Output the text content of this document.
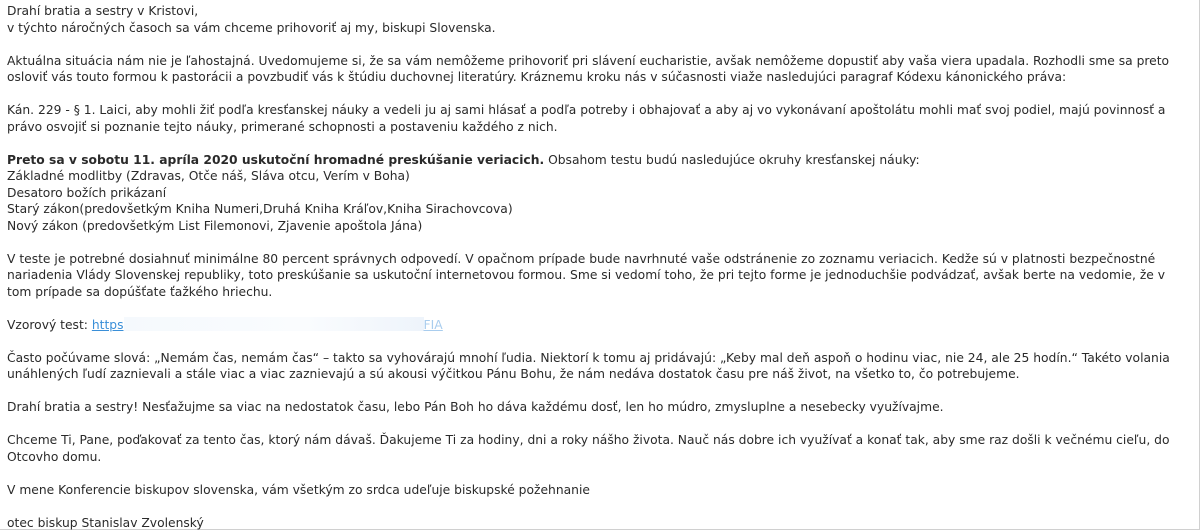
Drahí bratia a sestry v Kristovi,
v týchto náročných časoch sa vám chceme prihovoriť aj my, biskupi Slovenska.

Aktuálna situácia nám nie je ľahostajná. Uvedomujeme si, že sa vám nemôžeme prihovoriť pri slávení eucharistie, avšak nemôžeme dopustiť aby vaša viera upadala. Rozhodli sme sa preto osloviť vás touto formou k pastorácii a povzbudiť vás k štúdiu duchovnej literatúry. Kráznemu kroku nás v súčasnosti viaže nasledujúci paragraf Kódexu kánonického práva:

Kán. 229 - § 1. Laici, aby mohli žiť podľa kresťanskej náuky a vedeli ju aj sami hlásať a podľa potreby i obhajovať a aby aj vo vykonávaní apoštolátu mohli mať svoj podiel, majú povinnosť a právo osvojiť si poznanie tejto náuky, primerané schopnosti a postaveniu každého z nich.

Preto sa v sobotu 11. apríla 2020 uskutoční hromadné preskúšanie veriacich. Obsahom testu budú nasledujúce okruhy kresťanskej náuky:
Základné modlitby (Zdravas, Otče náš, Sláva otcu, Verím v Boha)
Desatoro božích prikázaní
Starý zákon(predovšetkým Kniha Numeri,Druhá Kniha Kráľov,Kniha Sirachovcova)
Nový zákon (predovšetkým List Filemonovi, Zjavenie apoštola Jána)

V teste je potrebné dosiahnuť minimálne 80 percent správnych odpovedí. V opačnom prípade bude navrhnuté vaše odstránenie zo zoznamu veriacich. Kedže sú v platnosti bezpečnostné nariadenia Vlády Slovenskej republiky, toto preskúšanie sa uskutoční internetovou formou. Sme si vedomí toho, že pri tejto forme je jednoduchšie podvádzať, avšak berte na vedomie, že v tom prípade sa dopúšťate ťažkého hriechu.

Vzorový test: https	FIA

Často počúvame slová: „Nemám čas, nemám čas“ – takto sa vyhovárajú mnohí ľudia. Niektorí k tomu aj pridávajú: „Keby mal deň aspoň o hodinu viac, nie 24, ale 25 hodín.“ Takéto volania unáhlených ľudí zaznievali a stále viac a viac zaznievajú a sú akousi výčitkou Pánu Bohu, že nám nedáva dostatok času pre náš život, na všetko to, čo potrebujeme.

Drahí bratia a sestry! Nesťažujme sa viac na nedostatok času, lebo Pán Boh ho dáva každému dosť, len ho múdro, zmysluplne a nesebecky využívajme.

Chceme Ti, Pane, poďakovať za tento čas, ktorý nám dávaš. Ďakujeme Ti za hodiny, dni a roky nášho života. Nauč nás dobre ich využívať a konať tak, aby sme raz došli k večnému cieľu, do Otcovho domu.

V mene Konferencie biskupov slovenska, vám všetkým zo srdca udeľuje biskupské požehnanie

otec biskup Stanislav Zvolenský
